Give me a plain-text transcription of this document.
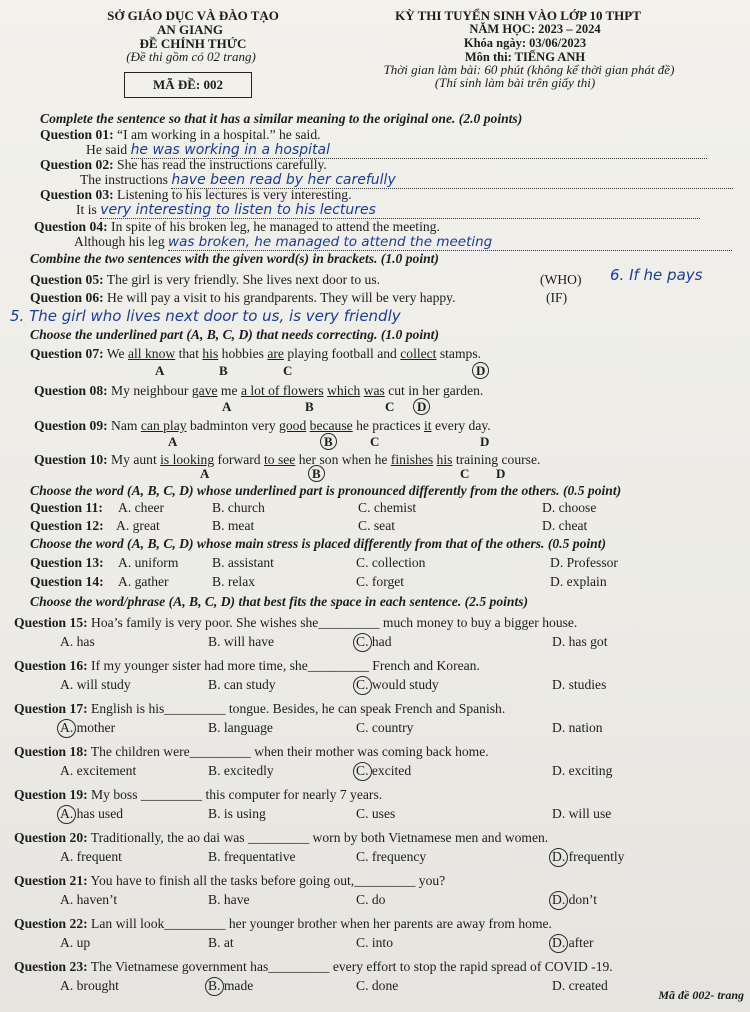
SỞ GIÁO DỤC VÀ ĐÀO TẠO
AN GIANG
ĐỀ CHÍNH THỨC
(Đề thi gồm có 02 trang)
MÃ ĐỀ: 002
KỲ THI TUYỂN SINH VÀO LỚP 10 THPT
NĂM HỌC: 2023 – 2024
Khóa ngày: 03/06/2023
Môn thi: TIẾNG ANH
Thời gian làm bài: 60 phút (không kể thời gian phát đề)
(Thí sinh làm bài trên giấy thi)
Complete the sentence so that it has a similar meaning to the original one. (2.0 points)
Question 01: “I am working in a hospital.” he said.
He said he was working in a hospital
Question 02: She has read the instructions carefully.
The instructions have been read by her carefully
Question 03: Listening to his lectures is very interesting.
It is very interesting to listen to his lectures
Question 04: In spite of his broken leg, he managed to attend the meeting.
Although his leg was broken, he managed to attend the meeting
Combine the two sentences with the given word(s) in brackets. (1.0 point)
Question 05: The girl is very friendly. She lives next door to us.	(WHO) 6. If he pays
Question 06: He will pay a visit to his grandparents. They will be very happy.	(IF)
5. The girl who lives next door to us, is very friendly
Choose the underlined part (A, B, C, D) that needs correcting. (1.0 point)
Question 07: We all know that his hobbies are playing football and collect stamps.
A	B	C	D
Question 08: My neighbour gave me a lot of flowers which was cut in her garden.
A	B	C	D
Question 09: Nam can play badminton very good because he practices it every day.
A	B	C	D
Question 10: My aunt is looking forward to see her son when he finishes his training course.
A	B	C D
Choose the word (A, B, C, D) whose underlined part is pronounced differently from the others. (0.5 point)
Question 11: A. cheer	B. church	C. chemist	D. choose
Question 12: A. great	B. meat	C. seat	D. cheat
Choose the word (A, B, C, D) whose main stress is placed differently from that of the others. (0.5 point)
Question 13: A. uniform B. assistant	C. collection	D. Professor
Question 14: A. gather	B. relax	C. forget	D. explain
Choose the word/phrase (A, B, C, D) that best fits the space in each sentence. (2.5 points)
Question 15: Hoa’s family is very poor. She wishes she_________ much money to buy a bigger house.
A. has	B. will have	C. had	D. has got
Question 16: If my younger sister had more time, she_________ French and Korean.
A. will study	B. can study	C. would study	D. studies
Question 17: English is his_________ tongue. Besides, he can speak French and Spanish.
A. mother	B. language	C. country	D. nation
Question 18: The children were_________ when their mother was coming back home.
A. excitement	B. excitedly	C. excited	D. exciting
Question 19: My boss _________ this computer for nearly 7 years.
A. has used	B. is using	C. uses	D. will use
Question 20: Traditionally, the ao dai was _________ worn by both Vietnamese men and women.
A. frequent	B. frequentative	C. frequency	D. frequently
Question 21: You have to finish all the tasks before going out,_________ you?
A. haven’t	B. have	C. do	D. don’t
Question 22: Lan will look_________ her younger brother when her parents are away from home.
A. up	B. at	C. into	D. after
Question 23: The Vietnamese government has_________ every effort to stop the rapid spread of COVID -19.
A. brought	B. made	C. done	D. created
Mã đề 002- trang
